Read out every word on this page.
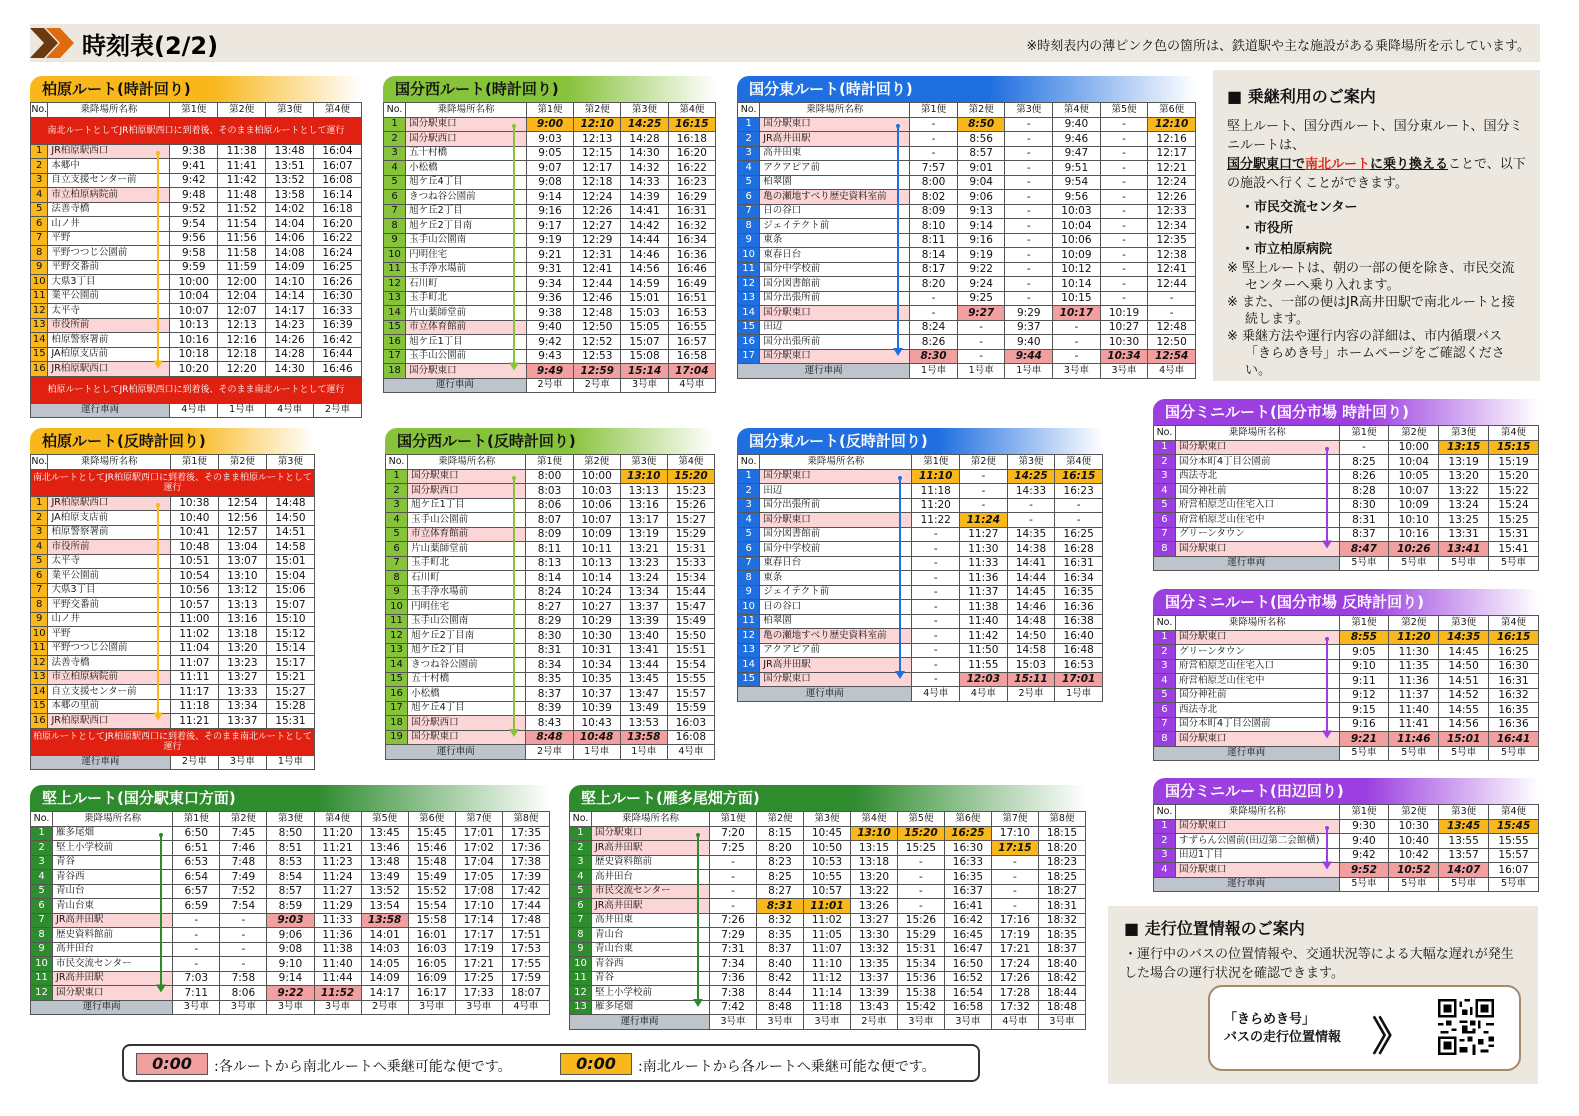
時刻表(2/2)	※時刻表内の薄ピンク色の箇所は、鉄道駅や主な施設がある乗降場所を示しています。
柏原ルート(時計回り)
No.	乗降場所名称	第1便	第2便	第3便	第4便
南北ルートとしてJR柏原駅西口に到着後、そのまま柏原ルートとして運行					
1	JR柏原駅西口	9:38	11:38	13:48	16:04
2	本郷中	9:41	11:41	13:51	16:07
3	自立支援センター前	9:42	11:42	13:52	16:08
4	市立柏原病院前	9:48	11:48	13:58	16:14
5	法善寺橋	9:52	11:52	14:02	16:18
6	山ノ井	9:54	11:54	14:04	16:20
7	平野	9:56	11:56	14:06	16:22
8	平野つつじ公園前	9:58	11:58	14:08	16:24
9	平野交番前	9:59	11:59	14:09	16:25
10	大県3丁目	10:00	12:00	14:10	16:26
11	業平公園前	10:04	12:04	14:14	16:30
12	太平寺	10:07	12:07	14:17	16:33
13	市役所前	10:13	12:13	14:23	16:39
14	柏原警察署前	10:16	12:16	14:26	16:42
15	JA柏原支店前	10:18	12:18	14:28	16:44
16	JR柏原駅西口	10:20	12:20	14:30	16:46
柏原ルートとしてJR柏原駅西口に到着後、そのまま南北ルートとして運行					
運行車両		4号車	1号車	4号車	2号車
柏原ルート(反時計回り)
No.	乗降場所名称	第1便	第2便	第3便
南北ルートとしてJR柏原駅西口に到着後、そのまま柏原ルートとして運行				
1	JR柏原駅西口	10:38	12:54	14:48
2	JA柏原支店前	10:40	12:56	14:50
3	柏原警察署前	10:41	12:57	14:51
4	市役所前	10:48	13:04	14:58
5	太平寺	10:51	13:07	15:01
6	業平公園前	10:54	13:10	15:04
7	大県3丁目	10:56	13:12	15:06
8	平野交番前	10:57	13:13	15:07
9	山ノ井	11:00	13:16	15:10
10	平野	11:02	13:18	15:12
11	平野つつじ公園前	11:04	13:20	15:14
12	法善寺橋	11:07	13:23	15:17
13	市立柏原病院前	11:11	13:27	15:21
14	自立支援センター前	11:17	13:33	15:27
15	本郷の里前	11:18	13:34	15:28
16	JR柏原駅西口	11:21	13:37	15:31
柏原ルートとしてJR柏原駅西口に到着後、そのまま南北ルートとして運行				
運行車両		2号車	3号車	1号車
国分西ルート(時計回り)
No.	乗降場所名称	第1便	第2便	第3便	第4便
1	国分駅東口	9:00	12:10	14:25	16:15
2	国分駅西口	9:03	12:13	14:28	16:18
3	五十村橋	9:05	12:15	14:30	16:20
4	小松橋	9:07	12:17	14:32	16:22
5	旭ケ丘4丁目	9:08	12:18	14:33	16:23
6	きつね谷公園前	9:14	12:24	14:39	16:29
7	旭ケ丘2丁目	9:16	12:26	14:41	16:31
8	旭ケ丘2丁目南	9:17	12:27	14:42	16:32
9	玉手山公園南	9:19	12:29	14:44	16:34
10	円明住宅	9:21	12:31	14:46	16:36
11	玉手浄水場前	9:31	12:41	14:56	16:46
12	石川町	9:34	12:44	14:59	16:49
13	玉手町北	9:36	12:46	15:01	16:51
14	片山薬師堂前	9:38	12:48	15:03	16:53
15	市立体育館前	9:40	12:50	15:05	16:55
16	旭ケ丘1丁目	9:42	12:52	15:07	16:57
17	玉手山公園前	9:43	12:53	15:08	16:58
18	国分駅東口	9:49	12:59	15:14	17:04
運行車両		2号車	2号車	3号車	4号車
国分西ルート(反時計回り)
No.	乗降場所名称	第1便	第2便	第3便	第4便
1	国分駅東口	8:00	10:00	13:10	15:20
2	国分駅西口	8:03	10:03	13:13	15:23
3	旭ケ丘1丁目	8:06	10:06	13:16	15:26
4	玉手山公園前	8:07	10:07	13:17	15:27
5	市立体育館前	8:09	10:09	13:19	15:29
6	片山薬師堂前	8:11	10:11	13:21	15:31
7	玉手町北	8:13	10:13	13:23	15:33
8	石川町	8:14	10:14	13:24	15:34
9	玉手浄水場前	8:24	10:24	13:34	15:44
10	円明住宅	8:27	10:27	13:37	15:47
11	玉手山公園南	8:29	10:29	13:39	15:49
12	旭ケ丘2丁目南	8:30	10:30	13:40	15:50
13	旭ケ丘2丁目	8:31	10:31	13:41	15:51
14	きつね谷公園前	8:34	10:34	13:44	15:54
15	五十村橋	8:35	10:35	13:45	15:55
16	小松橋	8:37	10:37	13:47	15:57
17	旭ケ丘4丁目	8:39	10:39	13:49	15:59
18	国分駅西口	8:43	10:43	13:53	16:03
19	国分駅東口	8:48	10:48	13:58	16:08
運行車両		2号車	1号車	1号車	4号車
国分東ルート(時計回り)
No.	乗降場所名称	第1便	第2便	第3便	第4便	第5便	第6便
1	国分駅東口	-	8:50	-	9:40	-	12:10
2	JR高井田駅	-	8:56	-	9:46	-	12:16
3	高井田東	-	8:57	-	9:47	-	12:17
4	アクアピア前	7:57	9:01	-	9:51	-	12:21
5	柏翠園	8:00	9:04	-	9:54	-	12:24
6	亀の瀬地すべり歴史資料室前	8:02	9:06	-	9:56	-	12:26
7	日の谷口	8:09	9:13	-	10:03	-	12:33
8	ジェイテクト前	8:10	9:14	-	10:04	-	12:34
9	東条	8:11	9:16	-	10:06	-	12:35
10	東春日台	8:14	9:19	-	10:09	-	12:38
11	国分中学校前	8:17	9:22	-	10:12	-	12:41
12	国分図書館前	8:20	9:24	-	10:14	-	12:44
13	国分出張所前	-	9:25	-	10:15	-	-
14	国分駅東口	-	9:27	9:29	10:17	10:19	-
15	田辺	8:24	-	9:37	-	10:27	12:48
16	国分出張所前	8:26	-	9:40	-	10:30	12:50
17	国分駅東口	8:30	-	9:44	-	10:34	12:54
運行車両		1号車	1号車	1号車	3号車	3号車	4号車
国分東ルート(反時計回り)
No.	乗降場所名称	第1便	第2便	第3便	第4便
1	国分駅東口	11:10	-	14:25	16:15
2	田辺	11:18	-	14:33	16:23
3	国分出張所前	11:20	-	-	-
4	国分駅東口	11:22	11:24	-	-
5	国分図書館前	-	11:27	14:35	16:25
6	国分中学校前	-	11:30	14:38	16:28
7	東春日台	-	11:33	14:41	16:31
8	東条	-	11:36	14:44	16:34
9	ジェイテクト前	-	11:37	14:45	16:35
10	日の谷口	-	11:38	14:46	16:36
11	柏翠園	-	11:40	14:48	16:38
12	亀の瀬地すべり歴史資料室前	-	11:42	14:50	16:40
13	アクアピア前	-	11:50	14:58	16:48
14	JR高井田駅	-	11:55	15:03	16:53
15	国分駅東口	-	12:03	15:11	17:01
運行車両		4号車	4号車	2号車	1号車
国分ミニルート(国分市場 時計回り)
No.	乗降場所名称	第1便	第2便	第3便	第4便
1	国分駅東口	-	10:00	13:15	15:15
2	国分本町4丁目公園前	8:25	10:04	13:19	15:19
3	西法寺北	8:26	10:05	13:20	15:20
4	国分神社前	8:28	10:07	13:22	15:22
5	府営柏原芝山住宅入口	8:30	10:09	13:24	15:24
6	府営柏原芝山住宅中	8:31	10:10	13:25	15:25
7	グリーンタウン	8:37	10:16	13:31	15:31
8	国分駅東口	8:47	10:26	13:41	15:41
運行車両		5号車	5号車	5号車	5号車
国分ミニルート(国分市場 反時計回り)
No.	乗降場所名称	第1便	第2便	第3便	第4便
1	国分駅東口	8:55	11:20	14:35	16:15
2	グリーンタウン	9:05	11:30	14:45	16:25
3	府営柏原芝山住宅入口	9:10	11:35	14:50	16:30
4	府営柏原芝山住宅中	9:11	11:36	14:51	16:31
5	国分神社前	9:12	11:37	14:52	16:32
6	西法寺北	9:15	11:40	14:55	16:35
7	国分本町4丁目公園前	9:16	11:41	14:56	16:36
8	国分駅東口	9:21	11:46	15:01	16:41
運行車両		5号車	5号車	5号車	5号車
国分ミニルート(田辺回り)
No.	乗降場所名称	第1便	第2便	第3便	第4便
1	国分駅東口	9:30	10:30	13:45	15:45
2	すずらん公園前(田辺第二会館横)	9:40	10:40	13:55	15:55
3	田辺1丁目	9:42	10:42	13:57	15:57
4	国分駅東口	9:52	10:52	14:07	16:07
運行車両		5号車	5号車	5号車	5号車
堅上ルート(国分駅東口方面)
No.	乗降場所名称	第1便	第2便	第3便	第4便	第5便	第6便	第7便	第8便
1	雁多尾畑	6:50	7:45	8:50	11:20	13:45	15:45	17:01	17:35
2	堅上小学校前	6:51	7:46	8:51	11:21	13:46	15:46	17:02	17:36
3	青谷	6:53	7:48	8:53	11:23	13:48	15:48	17:04	17:38
4	青谷西	6:54	7:49	8:54	11:24	13:49	15:49	17:05	17:39
5	青山台	6:57	7:52	8:57	11:27	13:52	15:52	17:08	17:42
6	青山台東	6:59	7:54	8:59	11:29	13:54	15:54	17:10	17:44
7	JR高井田駅	-	-	9:03	11:33	13:58	15:58	17:14	17:48
8	歴史資料館前	-	-	9:06	11:36	14:01	16:01	17:17	17:51
9	高井田台	-	-	9:08	11:38	14:03	16:03	17:19	17:53
10	市民交流センター	-	-	9:10	11:40	14:05	16:05	17:21	17:55
11	JR高井田駅	7:03	7:58	9:14	11:44	14:09	16:09	17:25	17:59
12	国分駅東口	7:11	8:06	9:22	11:52	14:17	16:17	17:33	18:07
運行車両		3号車	3号車	3号車	3号車	2号車	3号車	3号車	4号車
堅上ルート(雁多尾畑方面)
No.	乗降場所名称	第1便	第2便	第3便	第4便	第5便	第6便	第7便	第8便
1	国分駅東口	7:20	8:15	10:45	13:10	15:20	16:25	17:10	18:15
2	JR高井田駅	7:25	8:20	10:50	13:15	15:25	16:30	17:15	18:20
3	歴史資料館前	-	8:23	10:53	13:18	-	16:33	-	18:23
4	高井田台	-	8:25	10:55	13:20	-	16:35	-	18:25
5	市民交流センター	-	8:27	10:57	13:22	-	16:37	-	18:27
6	JR高井田駅	-	8:31	11:01	13:26	-	16:41	-	18:31
7	高井田東	7:26	8:32	11:02	13:27	15:26	16:42	17:16	18:32
8	青山台	7:29	8:35	11:05	13:30	15:29	16:45	17:19	18:35
9	青山台東	7:31	8:37	11:07	13:32	15:31	16:47	17:21	18:37
10	青谷西	7:34	8:40	11:10	13:35	15:34	16:50	17:24	18:40
11	青谷	7:36	8:42	11:12	13:37	15:36	16:52	17:26	18:42
12	堅上小学校前	7:38	8:44	11:14	13:39	15:38	16:54	17:28	18:44
13	雁多尾畑	7:42	8:48	11:18	13:43	15:42	16:58	17:32	18:48
運行車両		3号車	3号車	3号車	2号車	3号車	3号車	4号車	3号車
■ 乗継利用のご案内

堅上ルート、国分西ルート、国分東ルート、国分ミニルートは、

国分駅東口で南北ルートに乗り換えることで、以下の施設へ行くことができます。

・市民交流センター
・市役所
・市立柏原病院

※ 堅上ルートは、朝の一部の便を除き、市民交流センターへ乗り入れます。

※ また、一部の便はJR高井田駅で南北ルートと接続します。

※ 乗継方法や運行内容の詳細は、市内循環バス「きらめき号」ホームページをご確認ください。

■ 走行位置情報のご案内

・運行中のバスの位置情報や、交通状況等による大幅な遅れが発生した場合の運行状況を確認できます。

「きらめき号」
バスの走行位置情報 》
0:00	:各ルートから南北ルートへ乗継可能な便です。	0:00	:南北ルートから各ルートへ乗継可能な便です。
